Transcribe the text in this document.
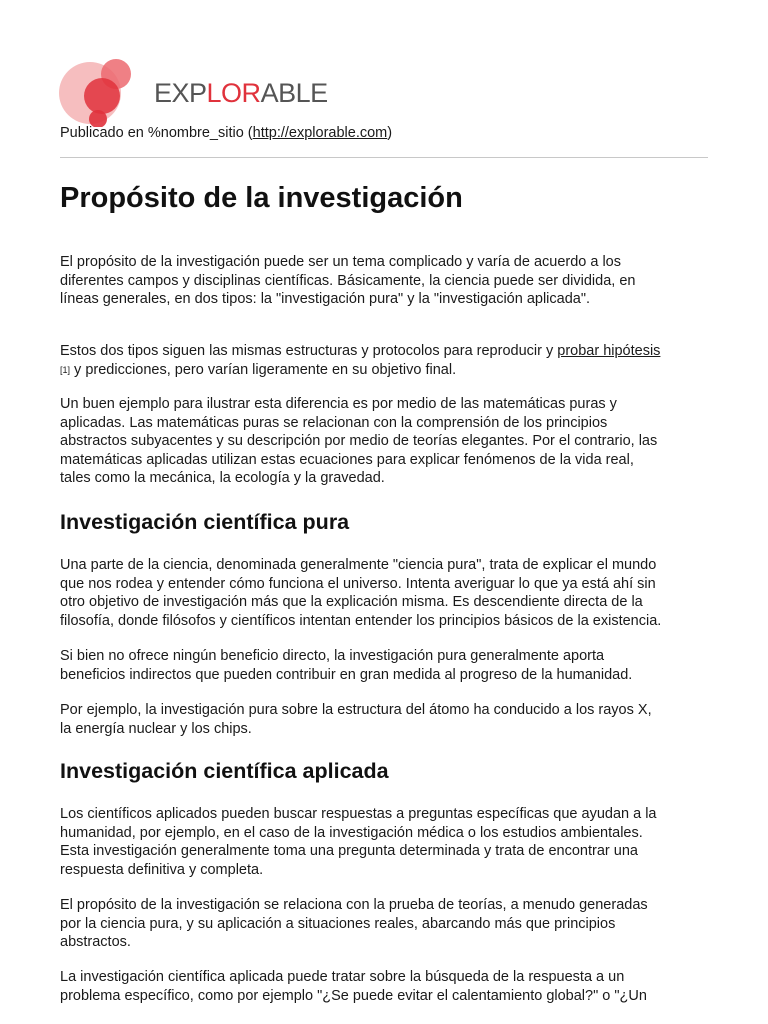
EXPLORABLE
Publicado en %nombre_sitio (http://explorable.com)
Propósito de la investigación
El propósito de la investigación puede ser un tema complicado y varía de acuerdo a los
diferentes campos y disciplinas científicas. Básicamente, la ciencia puede ser dividida, en
líneas generales, en dos tipos: la "investigación pura" y la "investigación aplicada".
Estos dos tipos siguen las mismas estructuras y protocolos para reproducir y probar hipótesis
[1] y predicciones, pero varían ligeramente en su objetivo final.
Un buen ejemplo para ilustrar esta diferencia es por medio de las matemáticas puras y
aplicadas. Las matemáticas puras se relacionan con la comprensión de los principios
abstractos subyacentes y su descripción por medio de teorías elegantes. Por el contrario, las
matemáticas aplicadas utilizan estas ecuaciones para explicar fenómenos de la vida real,
tales como la mecánica, la ecología y la gravedad.
Investigación científica pura
Una parte de la ciencia, denominada generalmente "ciencia pura", trata de explicar el mundo
que nos rodea y entender cómo funciona el universo. Intenta averiguar lo que ya está ahí sin
otro objetivo de investigación más que la explicación misma. Es descendiente directa de la
filosofía, donde filósofos y científicos intentan entender los principios básicos de la existencia.
Si bien no ofrece ningún beneficio directo, la investigación pura generalmente aporta
beneficios indirectos que pueden contribuir en gran medida al progreso de la humanidad.
Por ejemplo, la investigación pura sobre la estructura del átomo ha conducido a los rayos X,
la energía nuclear y los chips.
Investigación científica aplicada
Los científicos aplicados pueden buscar respuestas a preguntas específicas que ayudan a la
humanidad, por ejemplo, en el caso de la investigación médica o los estudios ambientales.
Esta investigación generalmente toma una pregunta determinada y trata de encontrar una
respuesta definitiva y completa.
El propósito de la investigación se relaciona con la prueba de teorías, a menudo generadas
por la ciencia pura, y su aplicación a situaciones reales, abarcando más que principios
abstractos.
La investigación científica aplicada puede tratar sobre la búsqueda de la respuesta a un
problema específico, como por ejemplo "¿Se puede evitar el calentamiento global?" o "¿Un
